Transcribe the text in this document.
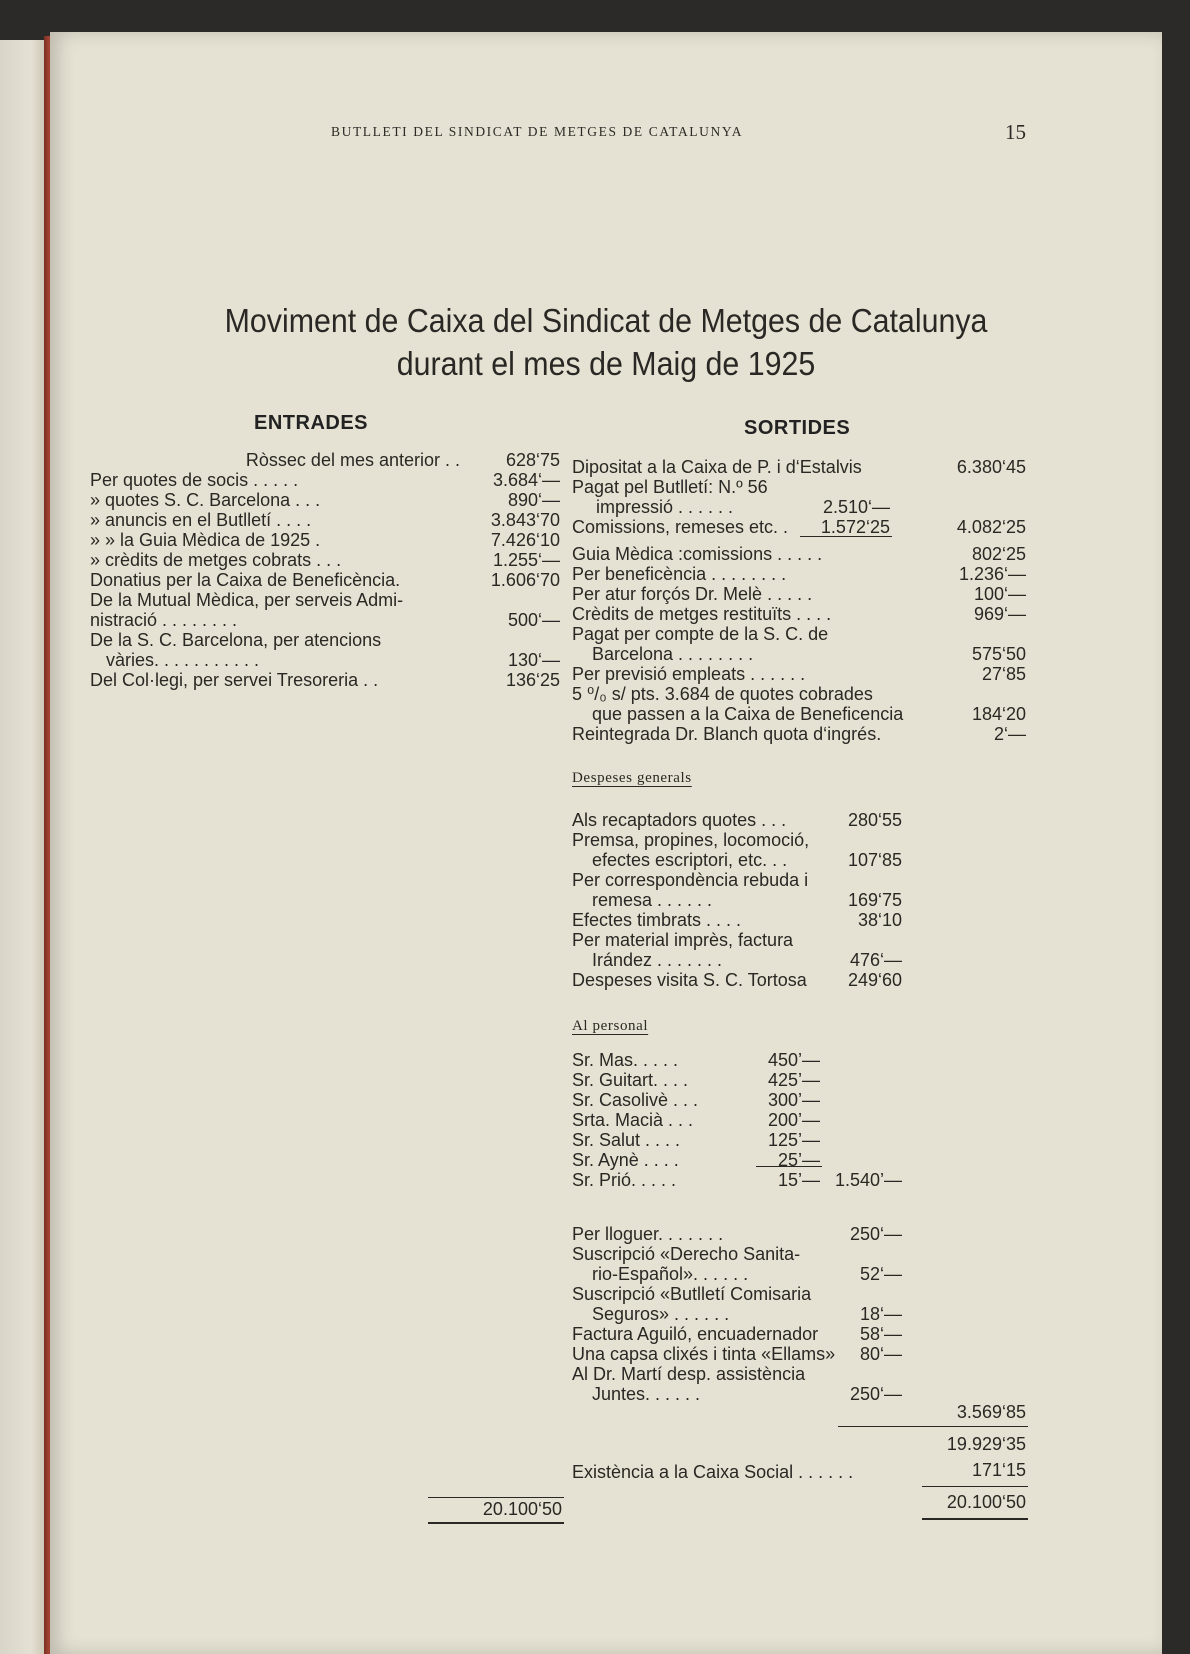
BUTLLETI DEL SINDICAT DE METGES DE CATALUNYA	15
Moviment de Caixa del Sindicat de Metges de Catalunya
durant el mes de Maig de 1925
ENTRADES
Ròssec del mes anterior . .	628‘75
Per quotes de socis . . . . .	3.684‘—
» quotes S. C. Barcelona . . .	890‘—
» anuncis en el Butlletí . . . .	3.843‘70
» » la Guia Mèdica de 1925 .	7.426‘10
» crèdits de metges cobrats . . .	1.255‘—
Donatius per la Caixa de Beneficència.	1.606‘70
De la Mutual Mèdica, per serveis Admi-
nistració . . . . . . . .	500‘—
De la S. C. Barcelona, per atencions
vàries. . . . . . . . . . .	130‘—
Del Col·legi, per servei Tresoreria . .	136‘25
20.100‘50
SORTIDES
Dipositat a la Caixa de P. i d‘Estalvis	6.380‘45
Pagat pel Butlletí: N.º 56
impressió . . . . . .	2.510‘—
Comissions, remeses etc. .	1.572‘25	4.082‘25
Guia Mèdica :comissions . . . . .	802‘25
Per beneficència . . . . . . . .	1.236‘—
Per atur forçós Dr. Melè . . . . .	100‘—
Crèdits de metges restituïts . . . .	969‘—
Pagat per compte de la S. C. de
Barcelona . . . . . . . .	575‘50
Per previsió empleats . . . . . .	27‘85
5 ⁰/₀ s/ pts. 3.684 de quotes cobrades
que passen a la Caixa de Beneficencia	184‘20
Reintegrada Dr. Blanch quota d‘ingrés.	2‘—
Despeses generals
Als recaptadors quotes . . .	280‘55
Premsa, propines, locomoció,
efectes escriptori, etc. . .	107‘85
Per correspondència rebuda i
remesa . . . . . .	169‘75
Efectes timbrats . . . .	38‘10
Per material imprès, factura
Irández . . . . . . .	476‘—
Despeses visita S. C. Tortosa	249‘60
Al personal
Sr. Mas. . . . .	450’—
Sr. Guitart. . . .	425’—
Sr. Casolivè . . .	300’—
Srta. Macià . . .	200’—
Sr. Salut . . . .	125’—
Sr. Aynè . . . .	25’—
Sr. Prió. . . . .	15’— 1.540’—
Per lloguer. . . . . . .	250‘—
Suscripció «Derecho Sanita-
rio-Español». . . . . .	52‘—
Suscripció «Butlletí Comisaria
Seguros» . . . . . .	18‘—
Factura Aguiló, encuadernador	58‘—
Una capsa clixés i tinta «Ellams»	80‘—
Al Dr. Martí desp. assistència
Juntes. . . . . .	250‘—
3.569‘85
19.929‘35
Existència a la Caixa Social . . . . . .	171‘15
20.100‘50
